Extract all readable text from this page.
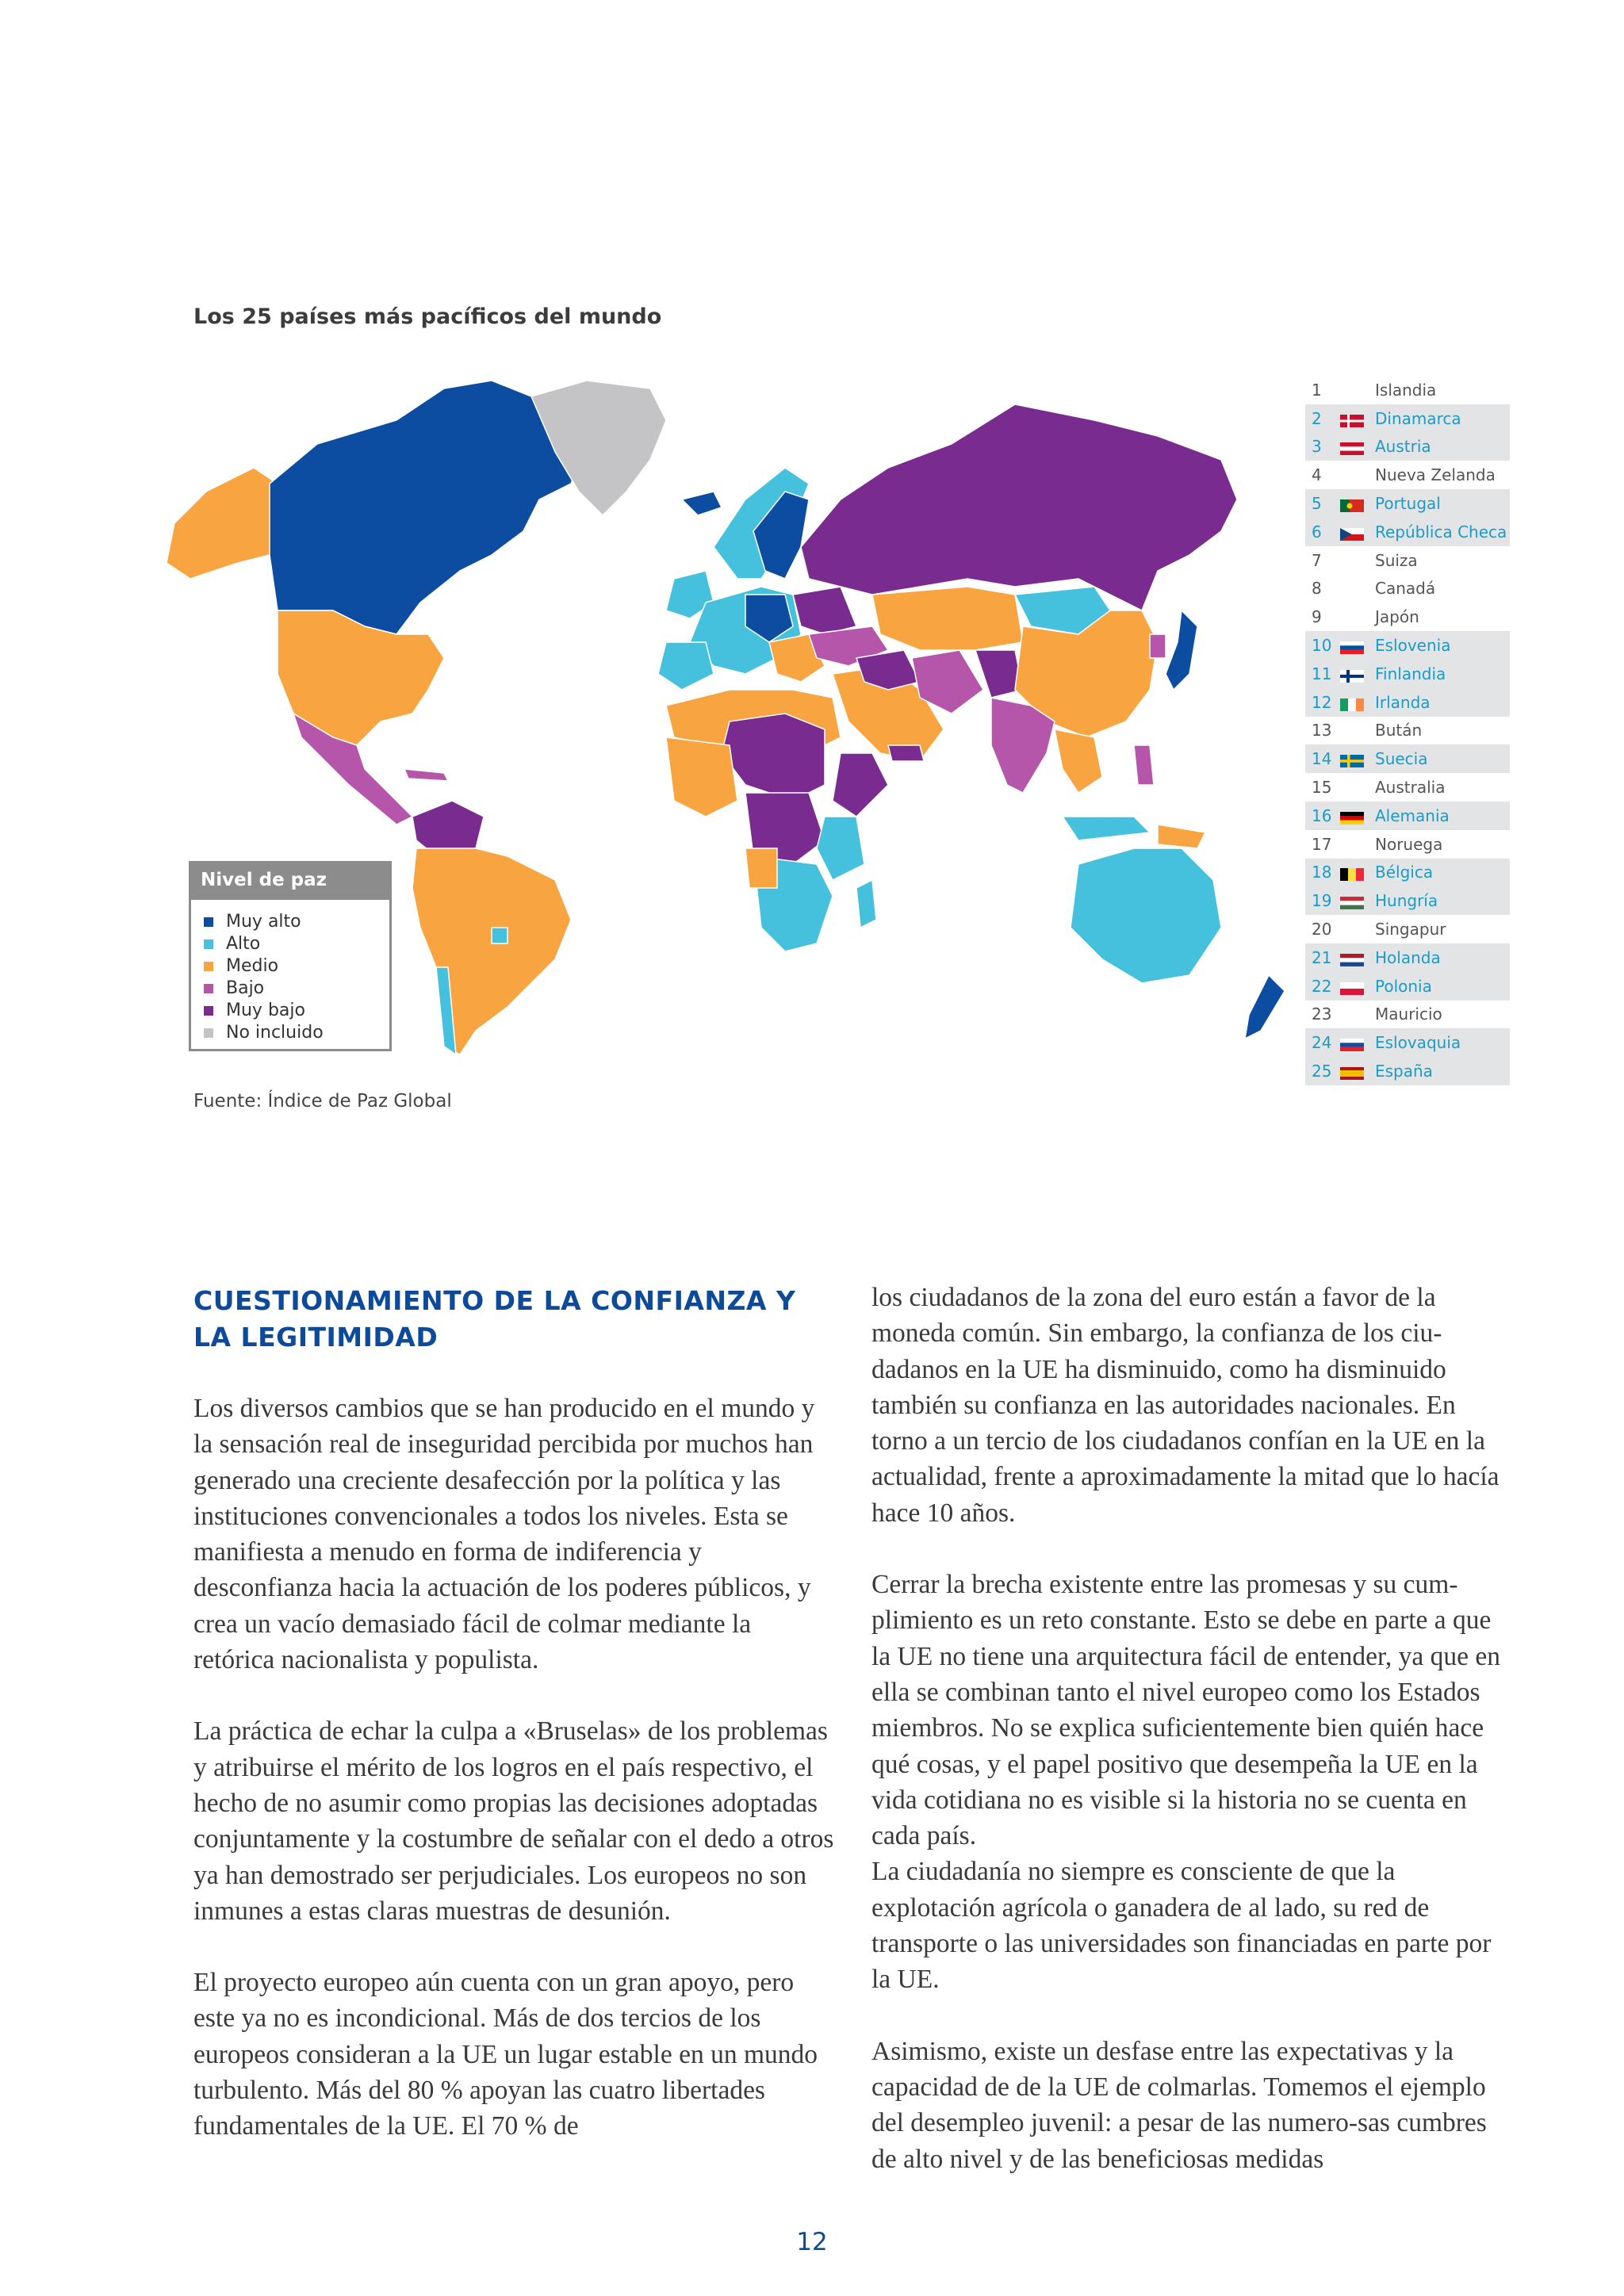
Los 25 países más pacíficos del mundo
Nivel de paz
Muy alto
Alto
Medio
Bajo
Muy bajo
No incluido
Fuente: Índice de Paz Global
1	Islandia
2	Dinamarca
3	Austria
4	Nueva Zelanda
5	Portugal
6	República Checa
7	Suiza
8	Canadá
9	Japón
10	Eslovenia
11	Finlandia
12	Irlanda
13	Bután
14	Suecia
15	Australia
16	Alemania
17	Noruega
18	Bélgica
19	Hungría
20	Singapur
21	Holanda
22	Polonia
23	Mauricio
24	Eslovaquia
25	España
CUESTIONAMIENTO DE LA CONFIANZA Y LA LEGITIMIDAD

Los diversos cambios que se han producido en el mundo y la sensación real de inseguridad percibida por muchos han generado una creciente desafección por la política y las instituciones convencionales a todos los niveles. Esta se manifiesta a menudo en forma de indiferencia y desconfianza hacia la actuación de los poderes públicos, y crea un vacío demasiado fácil de colmar mediante la retórica nacionalista y populista.

La práctica de echar la culpa a «Bruselas» de los problemas y atribuirse el mérito de los logros en el país respectivo, el hecho de no asumir como propias las decisiones adoptadas conjuntamente y la costumbre de señalar con el dedo a otros ya han demostrado ser perjudiciales. Los europeos no son inmunes a estas claras muestras de desunión.

El proyecto europeo aún cuenta con un gran apoyo, pero este ya no es incondicional. Más de dos tercios de los europeos consideran a la UE un lugar estable en un mundo turbulento. Más del 80 % apoyan las cuatro libertades fundamentales de la UE. El 70 % de

los ciudadanos de la zona del euro están a favor de la moneda común. Sin embargo, la confianza de los ciu-dadanos en la UE ha disminuido, como ha disminuido también su confianza en las autoridades nacionales. En torno a un tercio de los ciudadanos confían en la UE en la actualidad, frente a aproximadamente la mitad que lo hacía hace 10 años.

Cerrar la brecha existente entre las promesas y su cum-plimiento es un reto constante. Esto se debe en parte a que la UE no tiene una arquitectura fácil de entender, ya que en ella se combinan tanto el nivel europeo como los Estados miembros. No se explica suficientemente bien quién hace qué cosas, y el papel positivo que desempeña la UE en la vida cotidiana no es visible si la historia no se cuenta en cada país.

La ciudadanía no siempre es consciente de que la explotación agrícola o ganadera de al lado, su red de transporte o las universidades son financiadas en parte por la UE.

Asimismo, existe un desfase entre las expectativas y la capacidad de de la UE de colmarlas. Tomemos el ejemplo del desempleo juvenil: a pesar de las numero-sas cumbres de alto nivel y de las beneficiosas medidas

12
